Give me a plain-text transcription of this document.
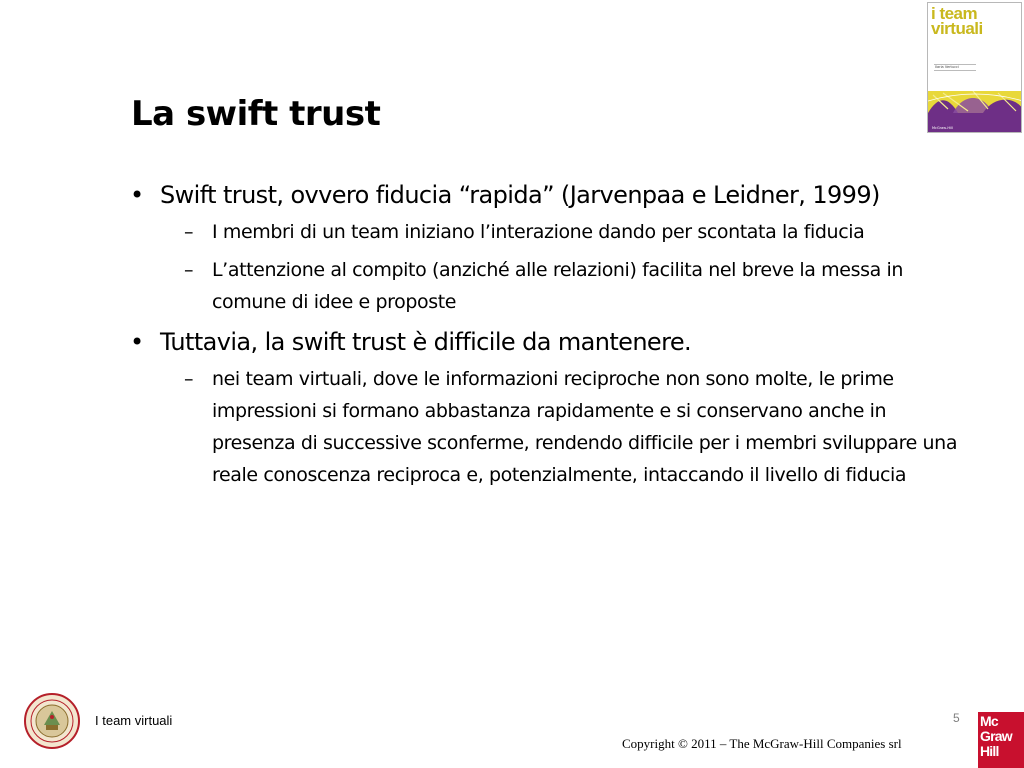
i team
virtuali
Ilaria Vertucci
McGraw-Hill
La swift trust
• Swift trust, ovvero fiducia “rapida” (Jarvenpaa e Leidner, 1999)
– I membri di un team iniziano l’interazione dando per scontata la fiducia
– L’attenzione al compito (anziché alle relazioni) facilita nel breve la messa in comune di idee e proposte
• Tuttavia, la swift trust è difficile da mantenere.
– nei team virtuali, dove le informazioni reciproche non sono molte, le prime impressioni si formano abbastanza rapidamente e si conservano anche in presenza di successive sconferme, rendendo difficile per i membri sviluppare una reale conoscenza reciproca e, potenzialmente, intaccando il livello di fiducia
I team virtuali	5
Copyright © 2011 – The McGraw-Hill Companies srl
Mc
Graw
Hill
